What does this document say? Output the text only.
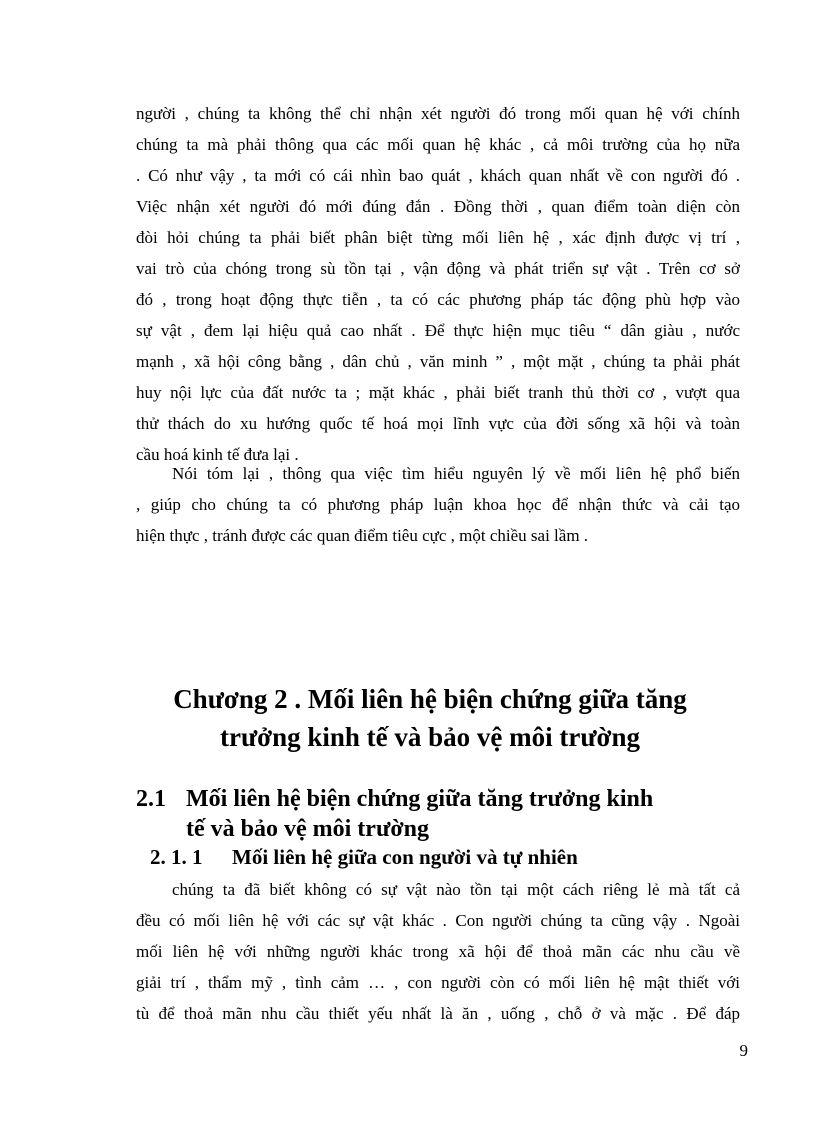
người , chúng ta không thể chỉ nhận xét người đó trong mối quan hệ với chính
chúng ta mà phải thông qua các mối quan hệ khác , cả môi trường của họ nữa
. Có như vậy , ta mới có cái nhìn bao quát , khách quan nhất về con người đó .
Việc nhận xét người đó mới đúng đắn . Đồng thời , quan điểm toàn diện còn
đòi hỏi chúng ta phải biết phân biệt từng mối liên hệ , xác định được vị trí ,
vai trò của chóng trong sù tồn tại , vận động và phát triển sự vật . Trên cơ sở
đó , trong hoạt động thực tiễn , ta có các phương pháp tác động phù hợp vào
sự vật , đem lại hiệu quả cao nhất . Để thực hiện mục tiêu “ dân giàu , nước
mạnh , xã hội công bằng , dân chủ , văn minh ” , một mặt , chúng ta phải phát
huy nội lực của đất nước ta ; mặt khác , phải biết tranh thủ thời cơ , vượt qua
thử thách do xu hướng quốc tế hoá mọi lĩnh vực của đời sống xã hội và toàn
cầu hoá kinh tế đưa lại .
Nói tóm lại , thông qua việc tìm hiểu nguyên lý về mối liên hệ phổ biến
, giúp cho chúng ta có phương pháp luận khoa học để nhận thức và cải tạo
hiện thực , tránh được các quan điểm tiêu cực , một chiều sai lầm .
Chương 2 . Mối liên hệ biện chứng giữa tăng
trưởng kinh tế và bảo vệ môi trường
2.1 Mối liên hệ biện chứng giữa tăng trưởng kinh
tế và bảo vệ môi trường
2. 1. 1 Mối liên hệ giữa con người và tự nhiên
chúng ta đã biết không có sự vật nào tồn tại một cách riêng lẻ mà tất cả
đều có mối liên hệ với các sự vật khác . Con người chúng ta cũng vậy . Ngoài
mối liên hệ với những người khác trong xã hội để thoả mãn các nhu cầu về
giải trí , thẩm mỹ , tình cảm … , con người còn có mối liên hệ mật thiết với
tù để thoả mãn nhu cầu thiết yếu nhất là ăn , uống , chỗ ở và mặc . Để đáp
9
